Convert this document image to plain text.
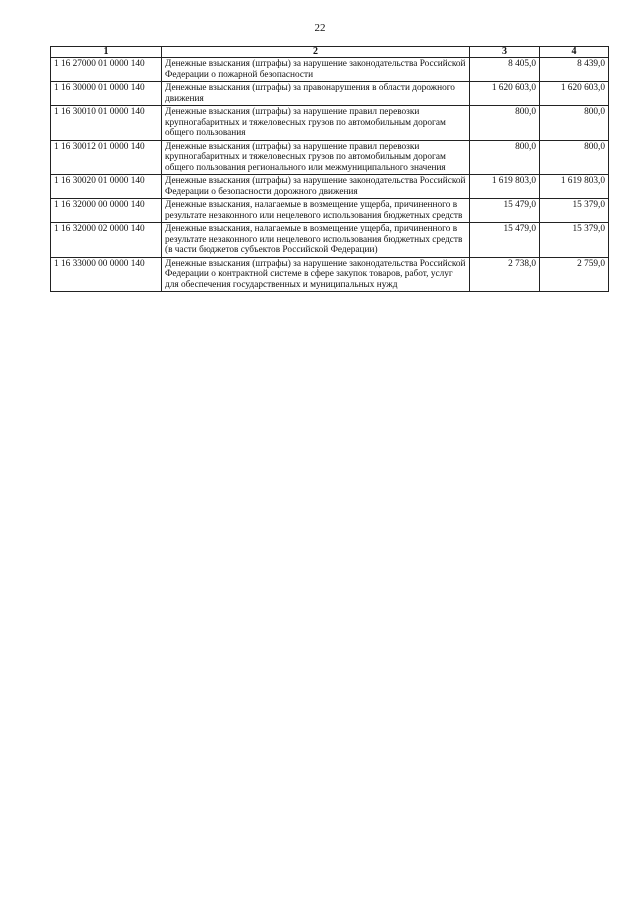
22
1	2	3	4
1 16 27000 01 0000 140	Денежные взыскания (штрафы) за нарушение законодательства Российской Федерации о пожарной безопасности	8 405,0	8 439,0
1 16 30000 01 0000 140	Денежные взыскания (штрафы) за правонарушения в области дорожного движения	1 620 603,0	1 620 603,0
1 16 30010 01 0000 140	Денежные взыскания (штрафы) за нарушение правил перевозки крупногабаритных и тяжеловесных грузов по автомобильным дорогам общего пользования	800,0	800,0
1 16 30012 01 0000 140	Денежные взыскания (штрафы) за нарушение правил перевозки крупногабаритных и тяжеловесных грузов по автомобильным дорогам общего пользования регионального или межмуниципального значения	800,0	800,0
1 16 30020 01 0000 140	Денежные взыскания (штрафы) за нарушение законодательства Российской Федерации о безопасности дорожного движения	1 619 803,0	1 619 803,0
1 16 32000 00 0000 140	Денежные взыскания, налагаемые в возмещение ущерба, причиненного в результате незаконного или нецелевого использования бюджетных средств	15 479,0	15 379,0
1 16 32000 02 0000 140	Денежные взыскания, налагаемые в возмещение ущерба, причиненного в результате незаконного или нецелевого использования бюджетных средств (в части бюджетов субъектов Российской Федерации)	15 479,0	15 379,0
1 16 33000 00 0000 140	Денежные взыскания (штрафы) за нарушение законодательства Российской Федерации о контрактной системе в сфере закупок товаров, работ, услуг для обеспечения государственных и муниципальных нужд	2 738,0	2 759,0
